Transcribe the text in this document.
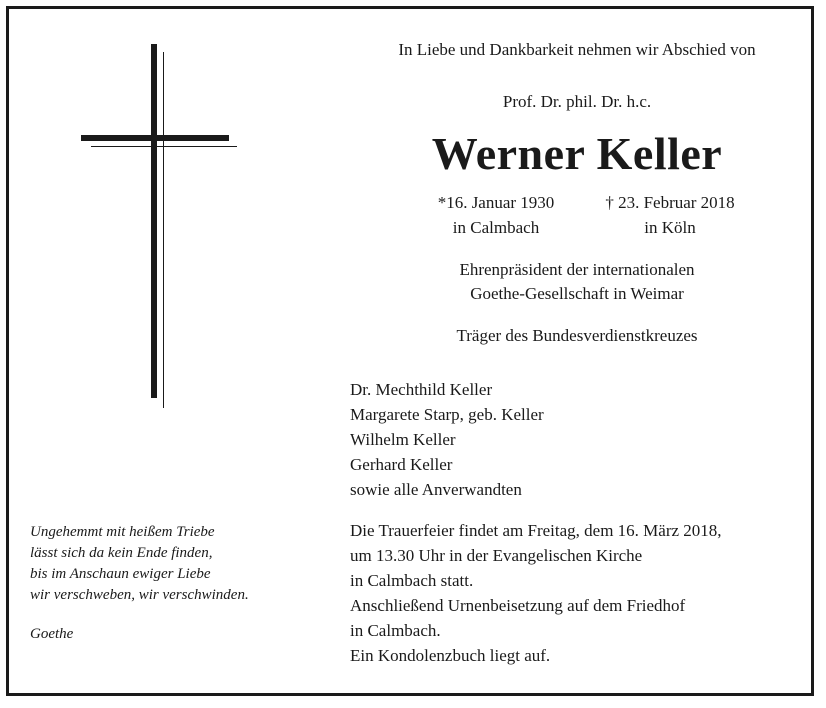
In Liebe und Dankbarkeit nehmen wir Abschied von
Prof. Dr. phil. Dr. h.c.
Werner Keller
*16. Januar 1930
in Calmbach
† 23. Februar 2018
in Köln
Ehrenpräsident der internationalen
Goethe-Gesellschaft in Weimar
Träger des Bundesverdienstkreuzes
Dr. Mechthild Keller
Margarete Starp, geb. Keller
Wilhelm Keller
Gerhard Keller
sowie alle Anverwandten
Ungehemmt mit heißem Triebe
lässt sich da kein Ende finden,
bis im Anschaun ewiger Liebe
wir verschweben, wir verschwinden.
Goethe
Die Trauerfeier findet am Freitag, dem 16. März 2018,
um 13.30 Uhr in der Evangelischen Kirche
in Calmbach statt.
Anschließend Urnenbeisetzung auf dem Friedhof
in Calmbach.
Ein Kondolenzbuch liegt auf.
